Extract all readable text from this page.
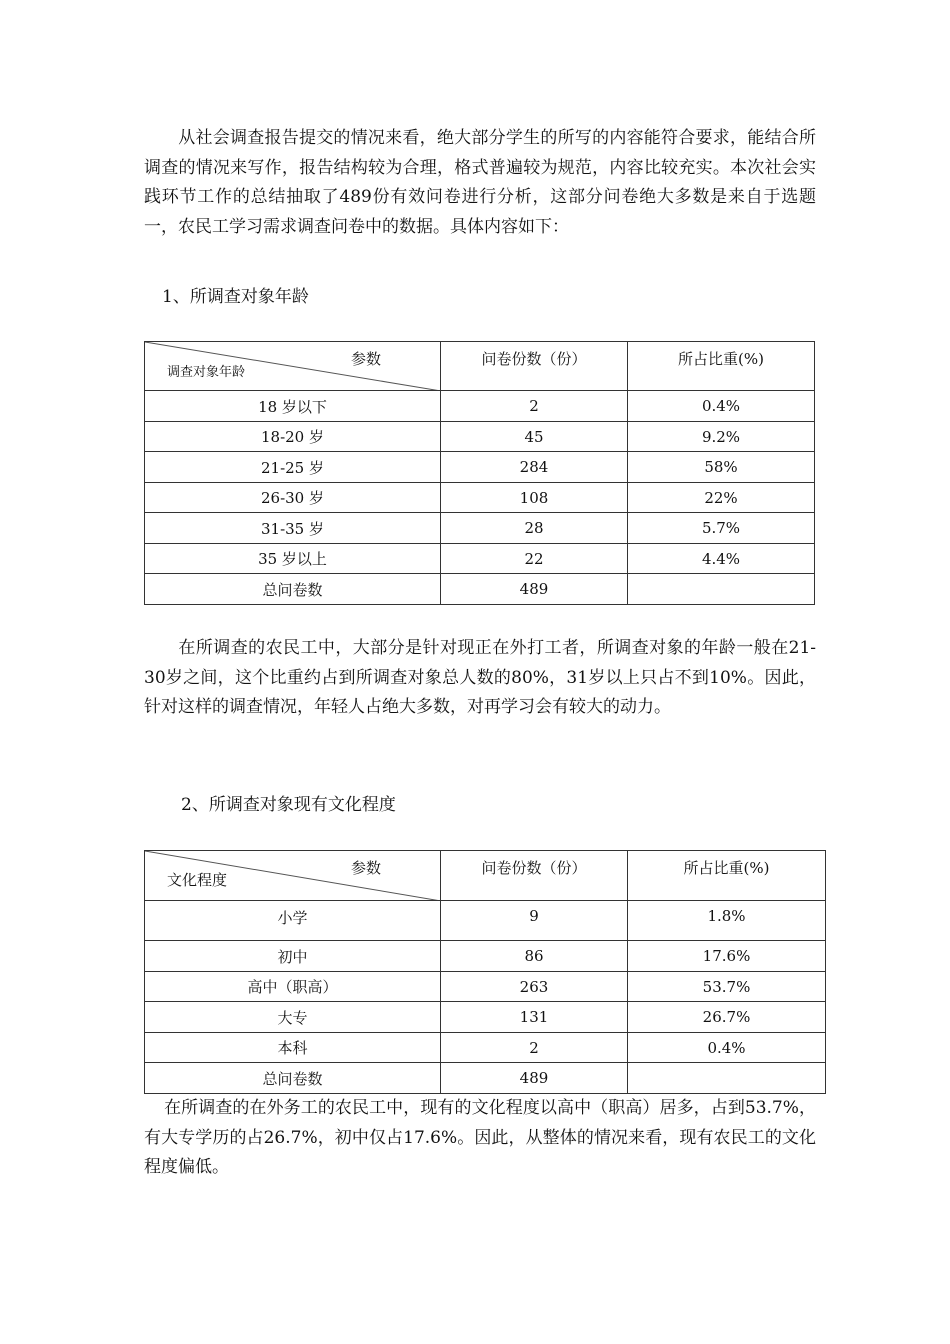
从社会调查报告提交的情况来看，绝大部分学生的所写的内容能符合要求，能结合所调查的情况来写作，报告结构较为合理，格式普遍较为规范，内容比较充实。本次社会实践环节工作的总结抽取了489份有效问卷进行分析，这部分问卷绝大多数是来自于选题一，农民工学习需求调查问卷中的数据。具体内容如下：

1、所调查对象年龄
参数
调查对象年龄	问卷份数（份）	所占比重(%)
18 岁以下	2	0.4%
18-20 岁	45	9.2%
21-25 岁	284	58%
26-30 岁	108	22%
31-35 岁	28	5.7%
35 岁以上	22	4.4%
总问卷数	489	

在所调查的农民工中，大部分是针对现正在外打工者，所调查对象的年龄一般在21-30岁之间，这个比重约占到所调查对象总人数的80%，31岁以上只占不到10%。因此，针对这样的调查情况，年轻人占绝大多数，对再学习会有较大的动力。

2、所调查对象现有文化程度
参数
文化程度	问卷份数（份）	所占比重(%)
小学	9	1.8%
初中	86	17.6%
高中（职高）	263	53.7%
大专	131	26.7%
本科	2	0.4%
总问卷数	489	

在所调查的在外务工的农民工中，现有的文化程度以高中（职高）居多，占到53.7%，有大专学历的占26.7%，初中仅占17.6%。因此，从整体的情况来看，现有农民工的文化程度偏低。
